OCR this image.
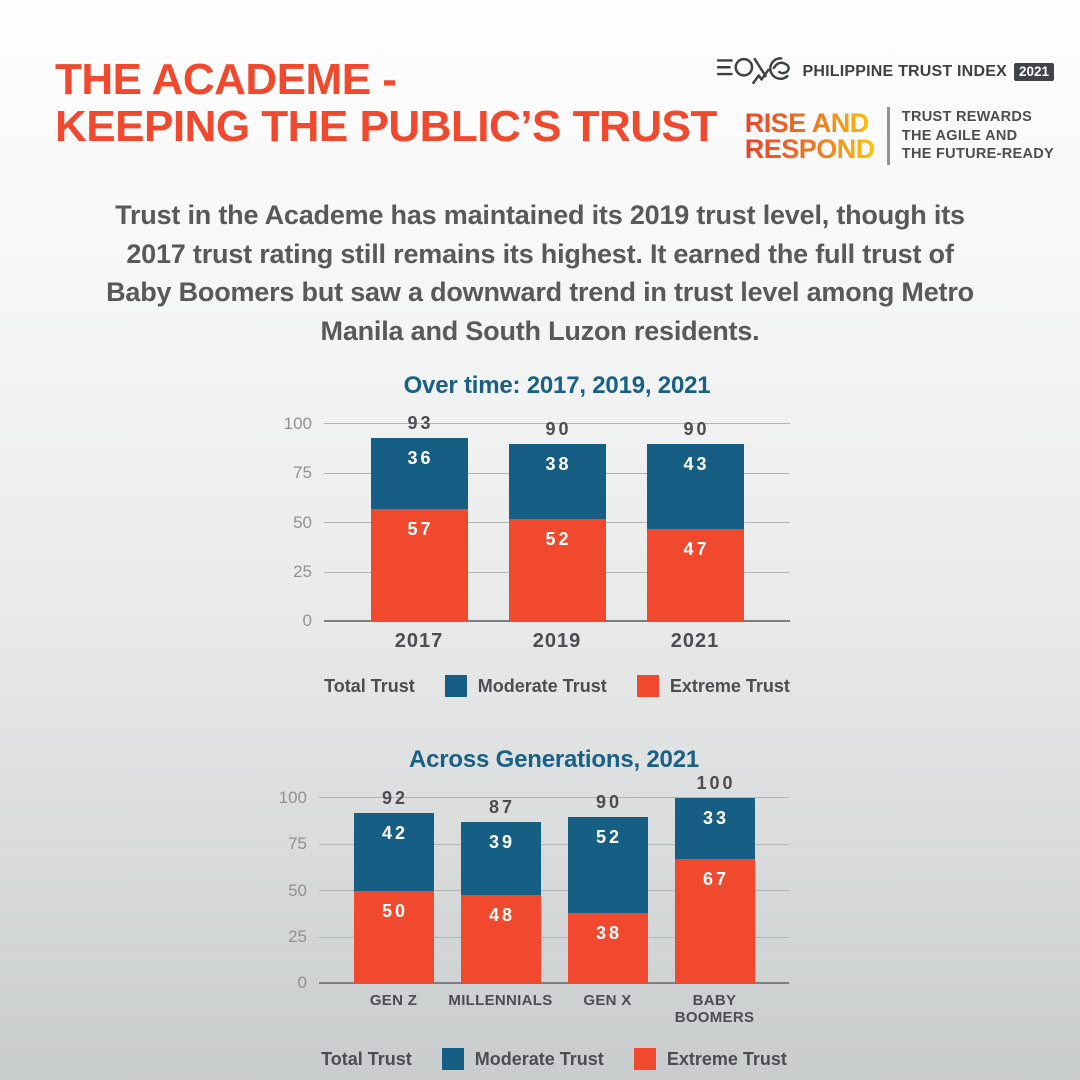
THE ACADEME -
KEEPING THE PUBLIC’S TRUST
PHILIPPINE TRUST INDEX 2021
RISE AND
RESPOND
TRUST REWARDS
THE AGILE AND
THE FUTURE-READY

Trust in the Academe has maintained its 2019 trust level, though its 2017 trust rating still remains its highest. It earned the full trust of Baby Boomers but saw a downward trend in trust level among Metro Manila and South Luzon residents.

Over time: 2017, 2019, 2021
0
25
50
75
100	93
36
57
90
38
52
90
43
47
2017	2019	2021
Total Trust	Moderate Trust	Extreme Trust
Across Generations, 2021
0
25
50
75
100	92
42
50
87
39
48
90
52
38
100
33
67
GEN Z	MILLENNIALS	GEN X	BABY BOOMERS
Total Trust	Moderate Trust	Extreme Trust
